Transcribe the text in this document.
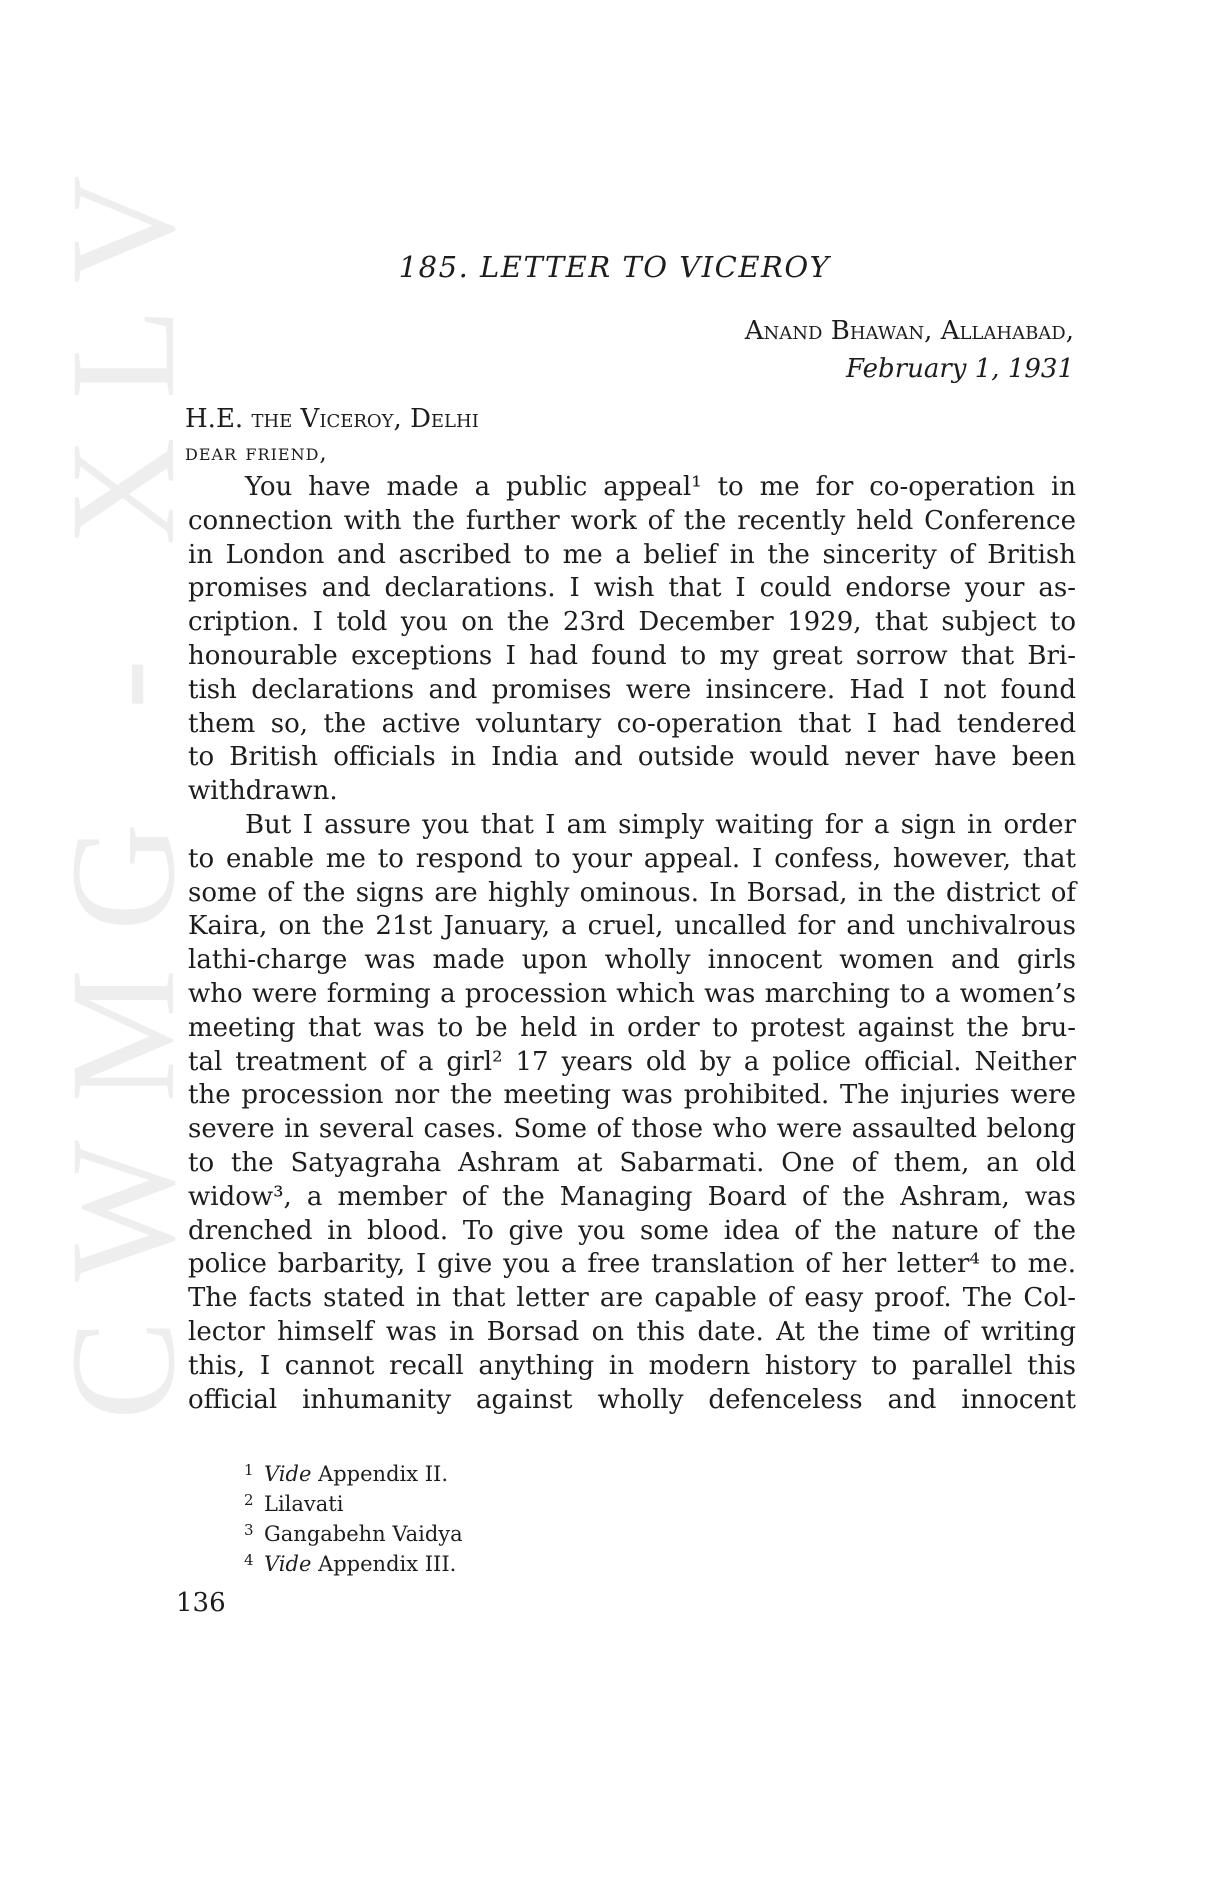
CWMG - XLV	185. LETTER TO VICEROY
Anand Bhawan, Allahabad,
February 1, 1931
H.E. the Viceroy, Delhi
dear friend,
You have made a public appeal¹ to me for co-operation in
connection with the further work of the recently held Conference
in London and ascribed to me a belief in the sincerity of British
promises and declarations. I wish that I could endorse your as-
cription. I told you on the 23rd December 1929, that subject to
honourable exceptions I had found to my great sorrow that Bri-
tish declarations and promises were insincere. Had I not found
them so, the active voluntary co-operation that I had tendered
to British officials in India and outside would never have been
withdrawn.
But I assure you that I am simply waiting for a sign in order
to enable me to respond to your appeal. I confess, however, that
some of the signs are highly ominous. In Borsad, in the district of
Kaira, on the 21st January, a cruel, uncalled for and unchivalrous
lathi-charge was made upon wholly innocent women and girls
who were forming a procession which was marching to a women’s
meeting that was to be held in order to protest against the bru-
tal treatment of a girl² 17 years old by a police official. Neither
the procession nor the meeting was prohibited. The injuries were
severe in several cases. Some of those who were assaulted belong
to the Satyagraha Ashram at Sabarmati. One of them, an old
widow³, a member of the Managing Board of the Ashram, was
drenched in blood. To give you some idea of the nature of the
police barbarity, I give you a free translation of her letter⁴ to me.
The facts stated in that letter are capable of easy proof. The Col-
lector himself was in Borsad on this date. At the time of writing
this, I cannot recall anything in modern history to parallel this
official inhumanity against wholly defenceless and innocent
1 Vide Appendix II.
2 Lilavati
3 Gangabehn Vaidya
4 Vide Appendix III.
136
